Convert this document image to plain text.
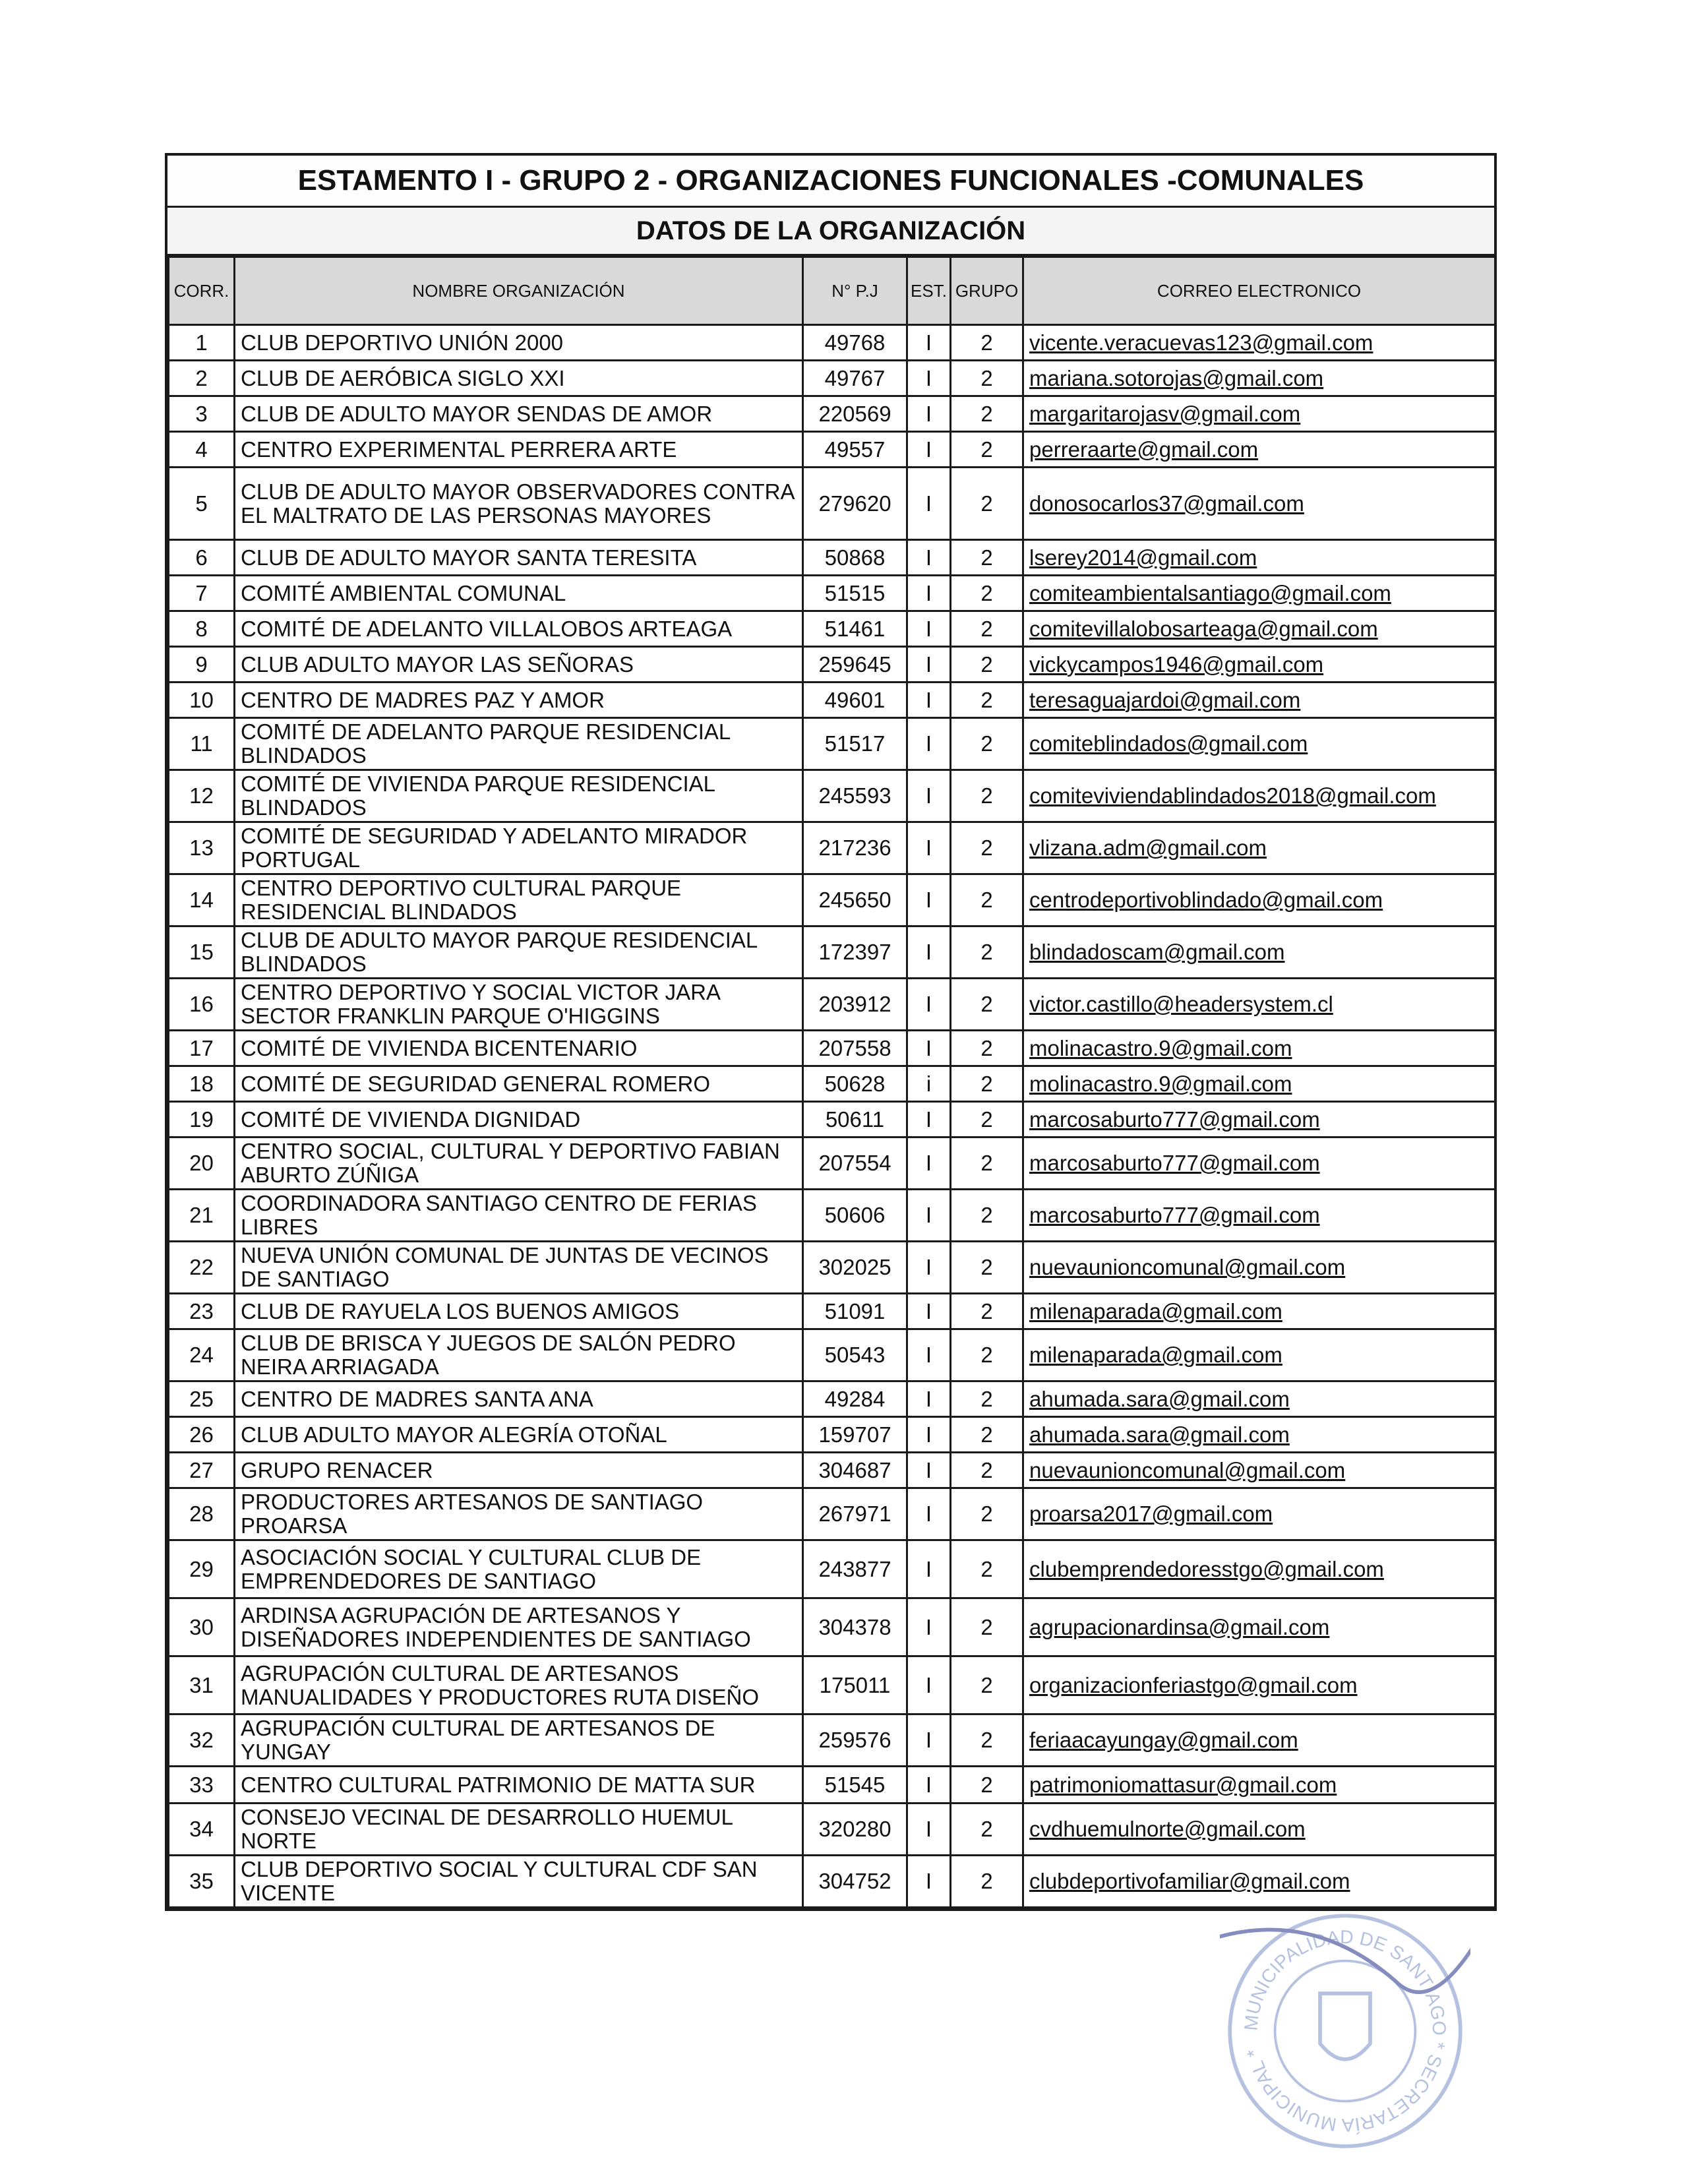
ESTAMENTO I - GRUPO 2 - ORGANIZACIONES FUNCIONALES -COMUNALES
DATOS DE LA ORGANIZACIÓN
CORR.	NOMBRE ORGANIZACIÓN	N° P.J	EST.	GRUPO	CORREO ELECTRONICO
1	CLUB DEPORTIVO UNIÓN 2000	49768	I	2	vicente.veracuevas123@gmail.com
2	CLUB DE AERÓBICA SIGLO XXI	49767	I	2	mariana.sotorojas@gmail.com
3	CLUB DE ADULTO MAYOR SENDAS DE AMOR	220569	I	2	margaritarojasv@gmail.com
4	CENTRO EXPERIMENTAL PERRERA ARTE	49557	I	2	perreraarte@gmail.com
5	CLUB DE ADULTO MAYOR OBSERVADORES CONTRA EL MALTRATO DE LAS PERSONAS MAYORES	279620	I	2	donosocarlos37@gmail.com
6	CLUB DE ADULTO MAYOR SANTA TERESITA	50868	I	2	lserey2014@gmail.com
7	COMITÉ AMBIENTAL COMUNAL	51515	I	2	comiteambientalsantiago@gmail.com
8	COMITÉ DE ADELANTO VILLALOBOS ARTEAGA	51461	I	2	comitevillalobosarteaga@gmail.com
9	CLUB ADULTO MAYOR LAS SEÑORAS	259645	I	2	vickycampos1946@gmail.com
10	CENTRO DE MADRES PAZ Y AMOR	49601	I	2	teresaguajardoi@gmail.com
11	COMITÉ DE ADELANTO PARQUE RESIDENCIAL BLINDADOS	51517	I	2	comiteblindados@gmail.com
12	COMITÉ DE VIVIENDA PARQUE RESIDENCIAL BLINDADOS	245593	I	2	comiteviviendablindados2018@gmail.com
13	COMITÉ DE SEGURIDAD Y ADELANTO MIRADOR PORTUGAL	217236	I	2	vlizana.adm@gmail.com
14	CENTRO DEPORTIVO CULTURAL PARQUE RESIDENCIAL BLINDADOS	245650	I	2	centrodeportivoblindado@gmail.com
15	CLUB DE ADULTO MAYOR PARQUE RESIDENCIAL BLINDADOS	172397	I	2	blindadoscam@gmail.com
16	CENTRO DEPORTIVO Y SOCIAL VICTOR JARA SECTOR FRANKLIN PARQUE O'HIGGINS	203912	I	2	victor.castillo@headersystem.cl
17	COMITÉ DE VIVIENDA BICENTENARIO	207558	I	2	molinacastro.9@gmail.com
18	COMITÉ DE SEGURIDAD GENERAL ROMERO	50628	i	2	molinacastro.9@gmail.com
19	COMITÉ DE VIVIENDA DIGNIDAD	50611	I	2	marcosaburto777@gmail.com
20	CENTRO SOCIAL, CULTURAL Y DEPORTIVO FABIAN ABURTO ZÚÑIGA	207554	I	2	marcosaburto777@gmail.com
21	COORDINADORA SANTIAGO CENTRO DE FERIAS LIBRES	50606	I	2	marcosaburto777@gmail.com
22	NUEVA UNIÓN COMUNAL DE JUNTAS DE VECINOS DE SANTIAGO	302025	I	2	nuevaunioncomunal@gmail.com
23	CLUB DE RAYUELA LOS BUENOS AMIGOS	51091	I	2	milenaparada@gmail.com
24	CLUB DE BRISCA Y JUEGOS DE SALÓN PEDRO NEIRA ARRIAGADA	50543	I	2	milenaparada@gmail.com
25	CENTRO DE MADRES SANTA ANA	49284	I	2	ahumada.sara@gmail.com
26	CLUB ADULTO MAYOR ALEGRÍA OTOÑAL	159707	I	2	ahumada.sara@gmail.com
27	GRUPO RENACER	304687	I	2	nuevaunioncomunal@gmail.com
28	PRODUCTORES ARTESANOS DE SANTIAGO PROARSA	267971	I	2	proarsa2017@gmail.com
29	ASOCIACIÓN SOCIAL Y CULTURAL CLUB DE EMPRENDEDORES DE SANTIAGO	243877	I	2	clubemprendedoresstgo@gmail.com
30	ARDINSA AGRUPACIÓN DE ARTESANOS Y DISEÑADORES INDEPENDIENTES DE SANTIAGO	304378	I	2	agrupacionardinsa@gmail.com
31	AGRUPACIÓN CULTURAL DE ARTESANOS MANUALIDADES Y PRODUCTORES RUTA DISEÑO	175011	I	2	organizacionferiastgo@gmail.com
32	AGRUPACIÓN CULTURAL DE ARTESANOS DE YUNGAY	259576	I	2	feriaacayungay@gmail.com
33	CENTRO CULTURAL PATRIMONIO DE MATTA SUR	51545	I	2	patrimoniomattasur@gmail.com
34	CONSEJO VECINAL DE DESARROLLO HUEMUL NORTE	320280	I	2	cvdhuemulnorte@gmail.com
35	CLUB DEPORTIVO SOCIAL Y CULTURAL CDF SAN VICENTE	304752	I	2	clubdeportivofamiliar@gmail.com
MUNICIPALIDAD DE SANTIAGO * SECRETARÍA MUNICIPAL *
